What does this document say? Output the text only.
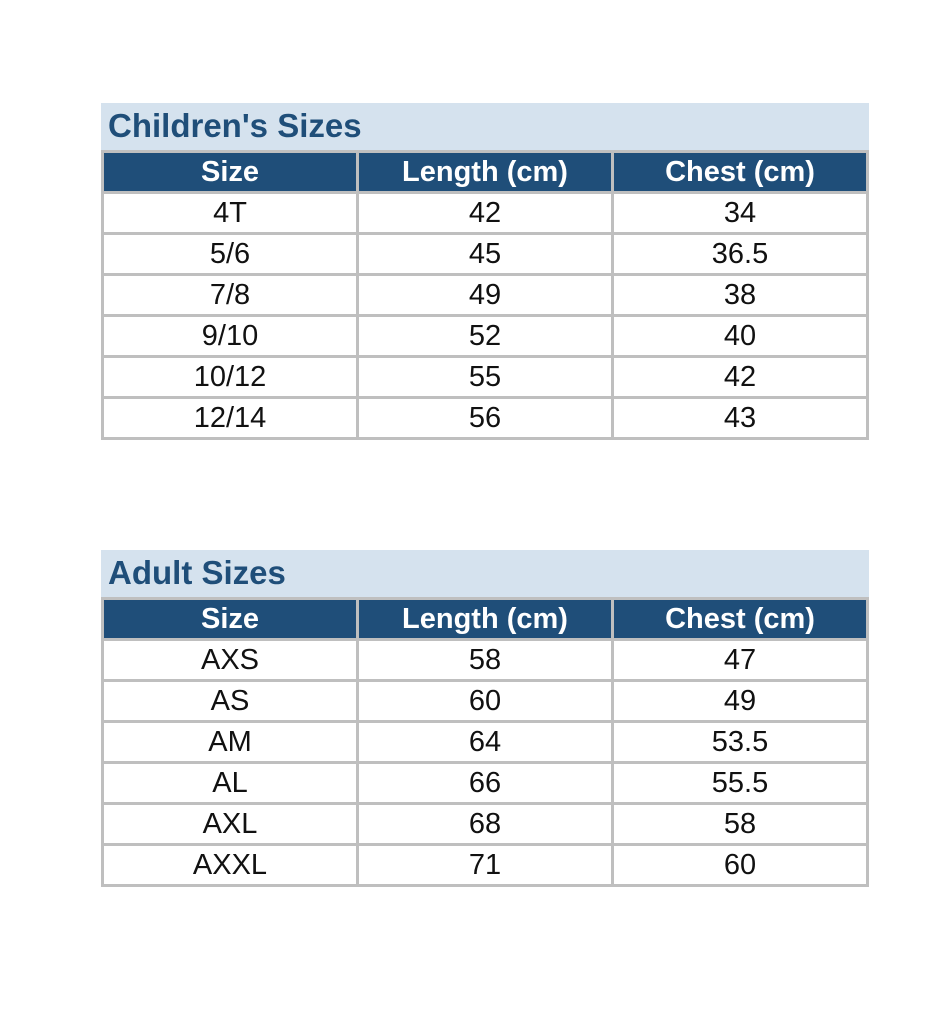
Children's Sizes
Size	Length (cm)	Chest (cm)
4T	42	34
5/6	45	36.5
7/8	49	38
9/10	52	40
10/12	55	42
12/14	56	43
Adult Sizes
Size	Length (cm)	Chest (cm)
AXS	58	47
AS	60	49
AM	64	53.5
AL	66	55.5
AXL	68	58
AXXL	71	60
